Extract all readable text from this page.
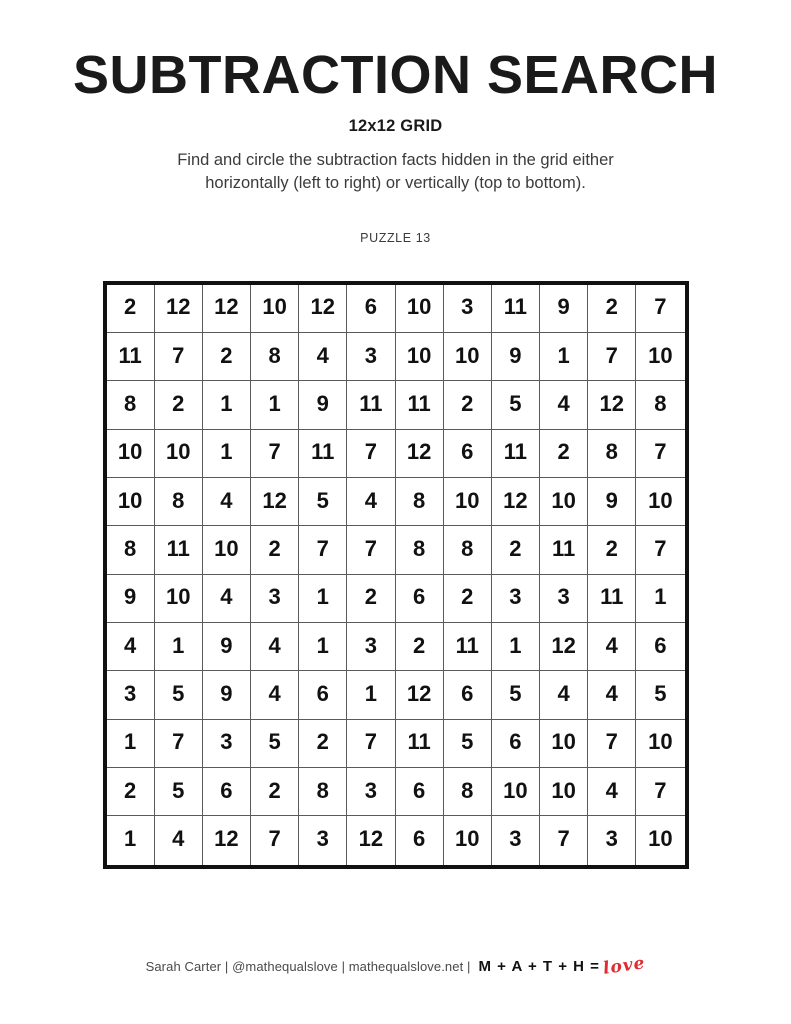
SUBTRACTION SEARCH
12x12 GRID
Find and circle the subtraction facts hidden in the grid either
horizontally (left to right) or vertically (top to bottom).
PUZZLE 13
2	12	12	10	12	6	10	3	11	9	2	7
11	7	2	8	4	3	10	10	9	1	7	10
8	2	1	1	9	11	11	2	5	4	12	8
10	10	1	7	11	7	12	6	11	2	8	7
10	8	4	12	5	4	8	10	12	10	9	10
8	11	10	2	7	7	8	8	2	11	2	7
9	10	4	3	1	2	6	2	3	3	11	1
4	1	9	4	1	3	2	11	1	12	4	6
3	5	9	4	6	1	12	6	5	4	4	5
1	7	3	5	2	7	11	5	6	10	7	10
2	5	6	2	8	3	6	8	10	10	4	7
1	4	12	7	3	12	6	10	3	7	3	10
Sarah Carter | @mathequalslove | mathequalslove.net | M + A + T + H = love
